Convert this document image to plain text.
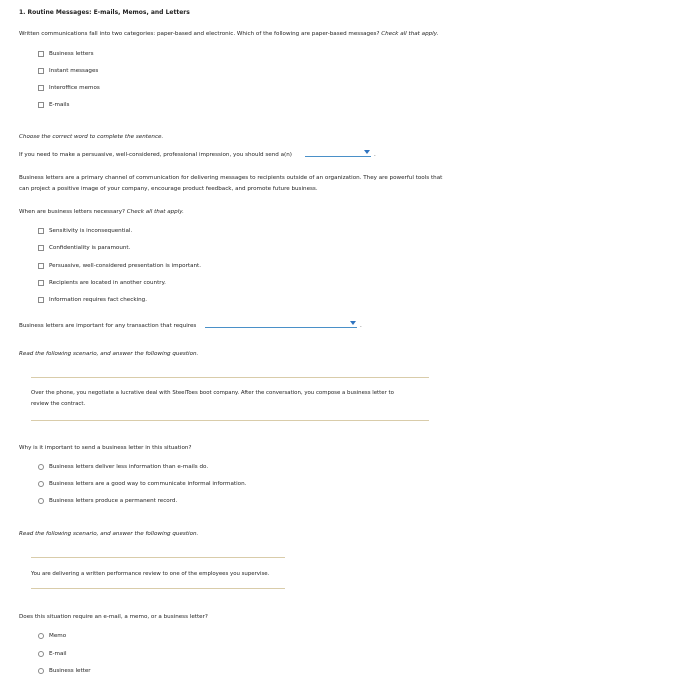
1. Routine Messages: E-mails, Memos, and Letters
Written communications fall into two categories: paper-based and electronic. Which of the following are paper-based messages? Check all that apply.
Business letters
Instant messages
Interoffice memos
E-mails
Choose the correct word to complete the sentence.
If you need to make a persuasive, well-considered, professional impression, you should send a(n)	.
Business letters are a primary channel of communication for delivering messages to recipients outside of an organization. They are powerful tools that
can project a positive image of your company, encourage product feedback, and promote future business.
When are business letters necessary? Check all that apply.
Sensitivity is inconsequential.
Confidentiality is paramount.
Persuasive, well-considered presentation is important.
Recipients are located in another country.
Information requires fact checking.
Business letters are important for any transaction that requires	.
Read the following scenario, and answer the following question.
Over the phone, you negotiate a lucrative deal with SteelToes boot company. After the conversation, you compose a business letter to
review the contract.
Why is it important to send a business letter in this situation?
Business letters deliver less information than e-mails do.
Business letters are a good way to communicate informal information.
Business letters produce a permanent record.
Read the following scenario, and answer the following question.
You are delivering a written performance review to one of the employees you supervise.
Does this situation require an e-mail, a memo, or a business letter?
Memo
E-mail
Business letter
